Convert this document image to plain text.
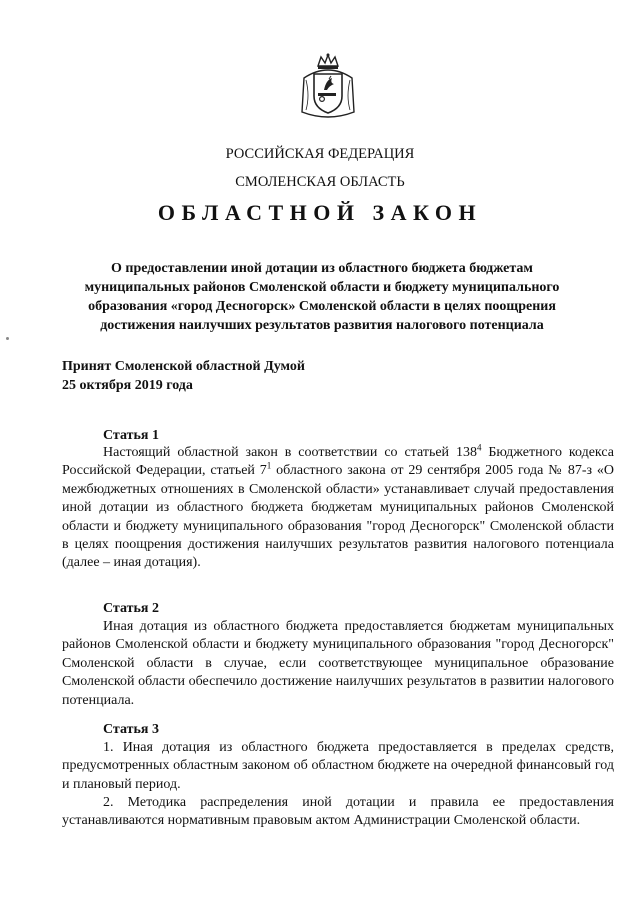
РОССИЙСКАЯ ФЕДЕРАЦИЯ
СМОЛЕНСКАЯ ОБЛАСТЬ
ОБЛАСТНОЙ ЗАКОН
О предоставлении иной дотации из областного бюджета бюджетам муниципальных районов Смоленской области и бюджету муниципального образования «город Десногорск» Смоленской области в целях поощрения достижения наилучших результатов развития налогового потенциала
Принят Смоленской областной Думой
25 октября 2019 года
Статья 1
Настоящий областной закон в соответствии со статьей $138^4$ Бюджетного кодекса Российской Федерации, статьей $7^1$ областного закона от 29 сентября 2005 года № 87-з «О межбюджетных отношениях в Смоленской области» устанавливает случай предоставления иной дотации из областного бюджета бюджетам муниципальных районов Смоленской области и бюджету муниципального образования "город Десногорск" Смоленской области в целях поощрения достижения наилучших результатов развития налогового потенциала (далее – иная дотация).
Статья 2
Иная дотация из областного бюджета предоставляется бюджетам муниципальных районов Смоленской области и бюджету муниципального образования "город Десногорск" Смоленской области в случае, если соответствующее муниципальное образование Смоленской области обеспечило достижение наилучших результатов в развитии налогового потенциала.
Статья 3
1. Иная дотация из областного бюджета предоставляется в пределах средств, предусмотренных областным законом об областном бюджете на очередной финансовый год и плановый период.
2. Методика распределения иной дотации и правила ее предоставления устанавливаются нормативным правовым актом Администрации Смоленской области.
